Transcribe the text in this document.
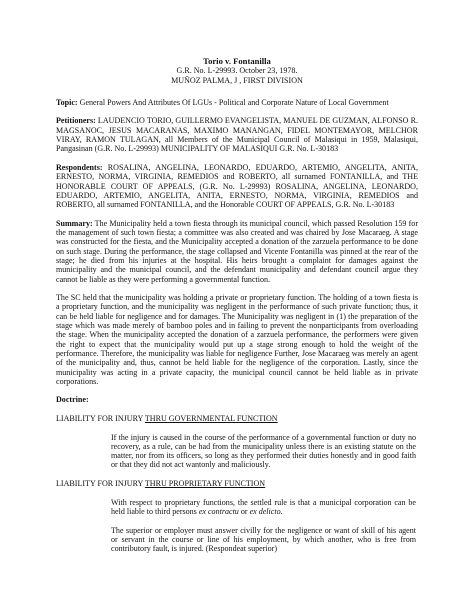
Torio v. Fontanilla

G.R. No. L-29993. October 23, 1978.

MUÑOZ PALMA, J , FIRST DIVISION

Topic: General Powers And Attributes Of LGUs - Political and Corporate Nature of Local Government

Petitioners: LAUDENCIO TORIO, GUILLERMO EVANGELISTA, MANUEL DE GUZMAN, ALFONSO R. MAGSANOC, JESUS MACARANAS, MAXIMO MANANGAN, FIDEL MONTEMAYOR, MELCHOR VIRAY, RAMON TULAGAN, all Members of the Municipal Council of Malasiqui in 1959, Malasiqui, Pangasinan (G.R. No. L-29993) MUNICIPALITY OF MALASIQUI G.R. No. L-30183

Respondents: ROSALINA, ANGELINA, LEONARDO, EDUARDO, ARTEMIO, ANGELITA, ANITA, ERNESTO, NORMA, VIRGINIA, REMEDIOS and ROBERTO, all surnamed FONTANILLA, and THE HONORABLE COURT OF APPEALS, (G.R. No. L-29993) ROSALINA, ANGELINA, LEONARDO, EDUARDO, ARTEMIO, ANGELITA, ANITA, ERNESTO, NORMA, VIRGINIA, REMEDIOS and ROBERTO, all surnamed FONTANILLA, and the Honorable COURT OF APPEALS, G.R. No. L-30183

Summary: The Municipality held a town fiesta through its municipal council, which passed Resolution 159 for the management of such town fiesta; a committee was also created and was chaired by Jose Macaraeg. A stage was constructed for the fiesta, and the Municipality accepted a donation of the zarzuela performance to be done on such stage. During the performance, the stage collapsed and Vicente Fontanilla was pinned at the rear of the stage; he died from his injuries at the hospital. His heirs brought a complaint for damages against the municipality and the municipal council, and the defendant municipality and defendant council argue they cannot be liable as they were performing a governmental function.

The SC held that the municipality was holding a private or proprietary function. The holding of a town fiesta is a proprietary function, and the municipality was negligent in the performance of such private function; thus, it can be held liable for negligence and for damages. The Municipality was negligent in (1) the preparation of the stage which was made merely of bamboo poles and in failing to prevent the nonparticipants from overloading the stage. When the municipality accepted the donation of a zarzuela performance, the performers were given the right to expect that the municipality would put up a stage strong enough to hold the weight of the performance. Therefore, the municipality was liable for negligence Further, Jose Macaraeg was merely an agent of the municipality and, thus, cannot be held liable for the negligence of the corporation. Lastly, since the municipality was acting in a private capacity, the municipal council cannot be held liable as in private corporations.

Doctrine:

LIABILITY FOR INJURY THRU GOVERNMENTAL FUNCTION

If the injury is caused in the course of the performance of a governmental function or duty no recovery, as a rule, can be had from the municipality unless there is an existing statute on the matter, nor from its officers, so long as they performed their duties honestly and in good faith or that they did not act wantonly and maliciously.

LIABILITY FOR INJURY THRU PROPRIETARY FUNCTION

With respect to proprietary functions, the settled rule is that a municipal corporation can be held liable to third persons ex contractu or ex delicto.

The superior or employer must answer civilly for the negligence or want of skill of his agent or servant in the course or line of his employment, by which another, who is free from contributory fault, is injured. (Respondeat superior)
